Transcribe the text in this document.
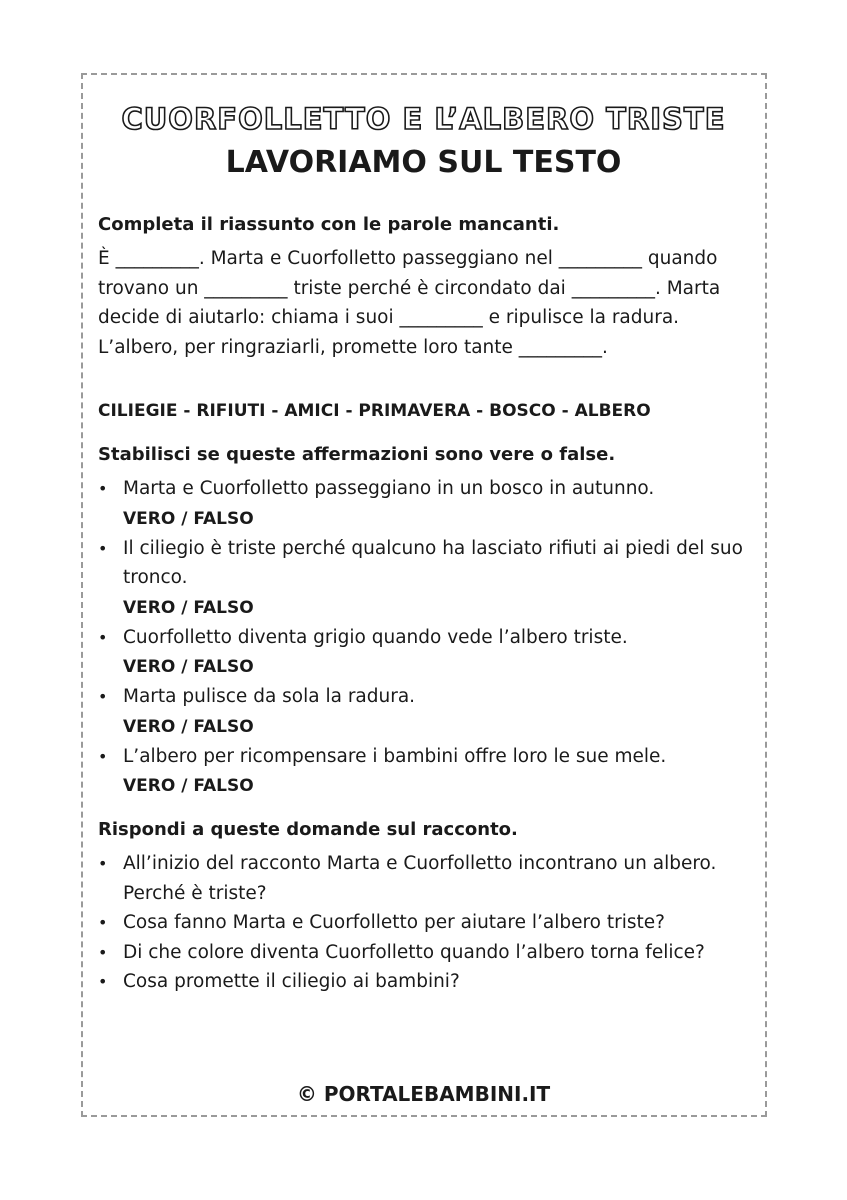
CUORFOLLETTO E L’ALBERO TRISTE
LAVORIAMO SUL TESTO

Completa il riassunto con le parole mancanti.

È _________. Marta e Cuorfolletto passeggiano nel _________ quando trovano un _________ triste perché è circondato dai _________. Marta decide di aiutarlo: chiama i suoi _________ e ripulisce la radura. L’albero, per ringraziarli, promette loro tante _________.

CILIEGIE - RIFIUTI - AMICI - PRIMAVERA - BOSCO - ALBERO

Stabilisci se queste affermazioni sono vere o false.

• Marta e Cuorfolletto passeggiano in un bosco in autunno.
VERO / FALSO
• Il ciliegio è triste perché qualcuno ha lasciato rifiuti ai piedi del suo tronco.
VERO / FALSO
• Cuorfolletto diventa grigio quando vede l’albero triste.
VERO / FALSO
• Marta pulisce da sola la radura.
VERO / FALSO
• L’albero per ricompensare i bambini offre loro le sue mele.
VERO / FALSO

Rispondi a queste domande sul racconto.

• All’inizio del racconto Marta e Cuorfolletto incontrano un albero. Perché è triste?
• Cosa fanno Marta e Cuorfolletto per aiutare l’albero triste?
• Di che colore diventa Cuorfolletto quando l’albero torna felice?
• Cosa promette il ciliegio ai bambini?
© PORTALEBAMBINI.IT
